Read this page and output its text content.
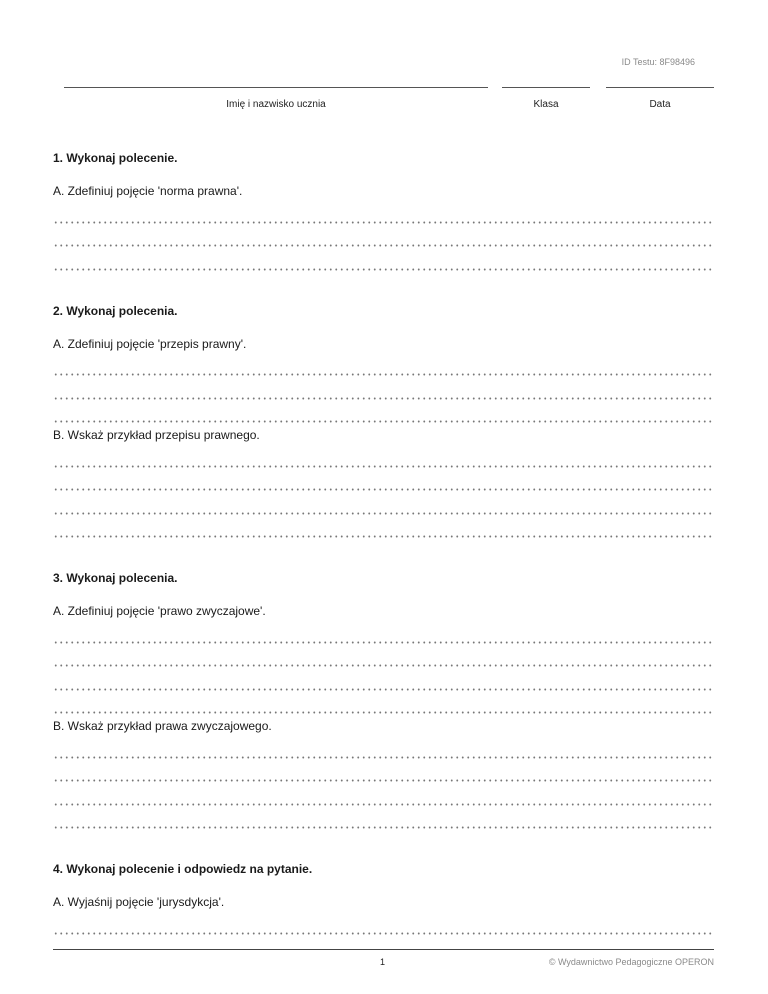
ID Testu: 8F98496
Imię i nazwisko ucznia	Klasa	Data
1. Wykonaj polecenie.
A. Zdefiniuj pojęcie 'norma prawna'.
2. Wykonaj polecenia.
A. Zdefiniuj pojęcie 'przepis prawny'.
B. Wskaż przykład przepisu prawnego.
3. Wykonaj polecenia.
A. Zdefiniuj pojęcie 'prawo zwyczajowe'.
B. Wskaż przykład prawa zwyczajowego.
4. Wykonaj polecenie i odpowiedz na pytanie.
A. Wyjaśnij pojęcie 'jurysdykcja'.
1	© Wydawnictwo Pedagogiczne OPERON
